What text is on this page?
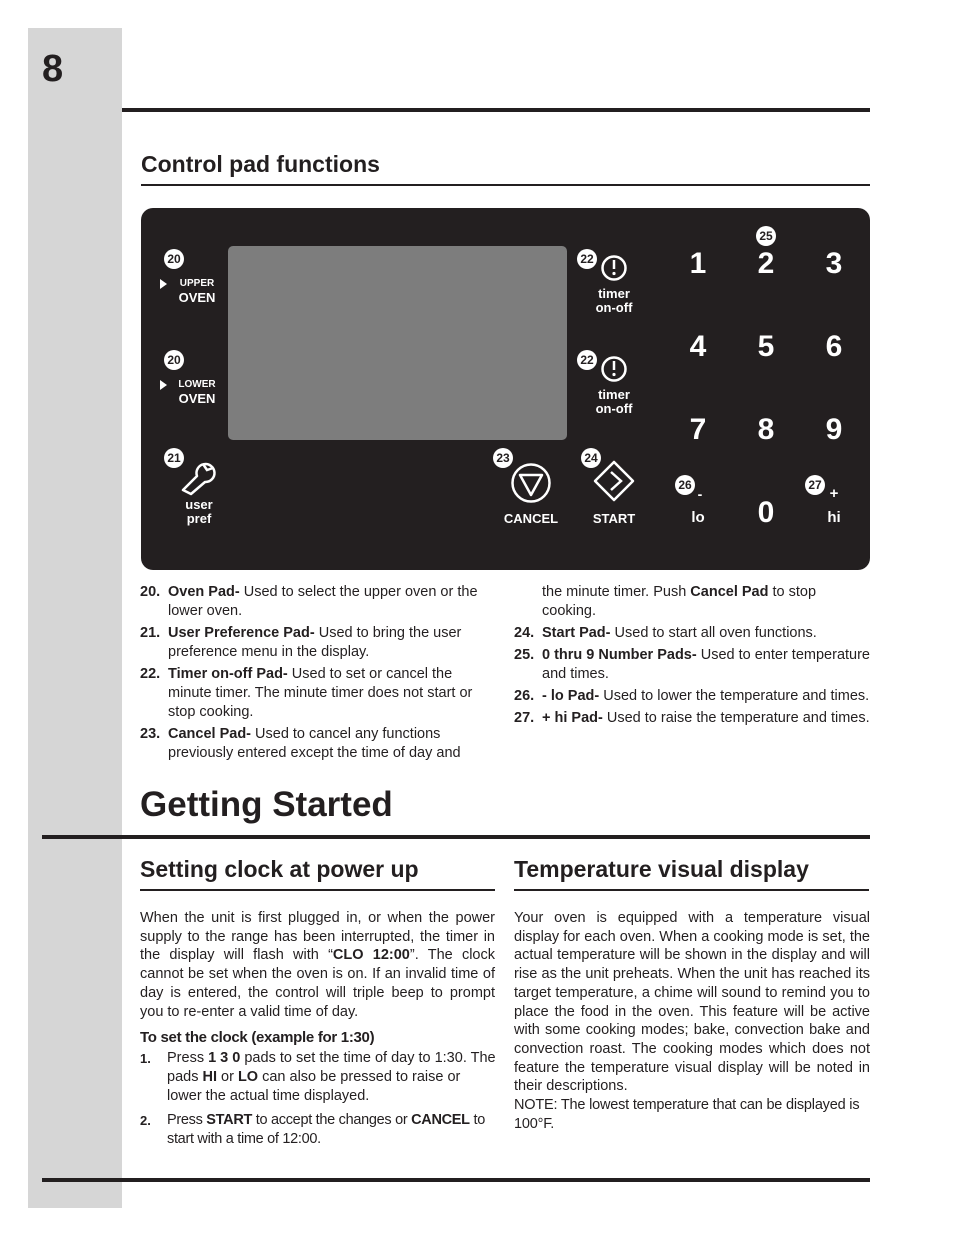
8
Control pad functions
20
UPPER
OVEN
20
LOWER
OVEN
21
user
pref
22
timer
on-off
22
timer
on-off
23
CANCEL
24
START
25
1	2	3
4	5	6
7	8	9
0
26
-
lo
27 +
hi
20. Oven Pad- Used to select the upper oven or the lower oven.
21. User Preference Pad- Used to bring the user preference menu in the display.
22. Timer on-off Pad- Used to set or cancel the minute timer. The minute timer does not start or stop cooking.
23. Cancel Pad- Used to cancel any functions previously entered except the time of day and
the minute timer. Push Cancel Pad to stop cooking.
24. Start Pad- Used to start all oven functions.
25. 0 thru 9 Number Pads- Used to enter temperature and times.
26. - lo Pad- Used to lower the temperature and times.
27. + hi Pad- Used to raise the temperature and times.
Getting Started
Setting clock at power up	Temperature visual display
When the unit is first plugged in, or when the power supply to the range has been interrupted, the timer in the display will flash with “CLO 12:00”. The clock cannot be set when the oven is on. If an invalid time of day is entered, the control will triple beep to prompt you to re-enter a valid time of day.
To set the clock (example for 1:30)
1. Press 1 3 0 pads to set the time of day to 1:30. The pads HI or LO can also be pressed to raise or lower the actual time displayed.
2. Press START to accept the changes or CANCEL to start with a time of 12:00.
Your oven is equipped with a temperature visual display for each oven. When a cooking mode is set, the actual temperature will be shown in the display and will rise as the unit preheats. When the unit has reached its target temperature, a chime will sound to remind you to place the food in the oven. This feature will be active with some cooking modes; bake, convection bake and convection roast. The cooking modes which does not feature the temperature visual display will be noted in their descriptions.
NOTE: The lowest temperature that can be displayed is 100°F.
